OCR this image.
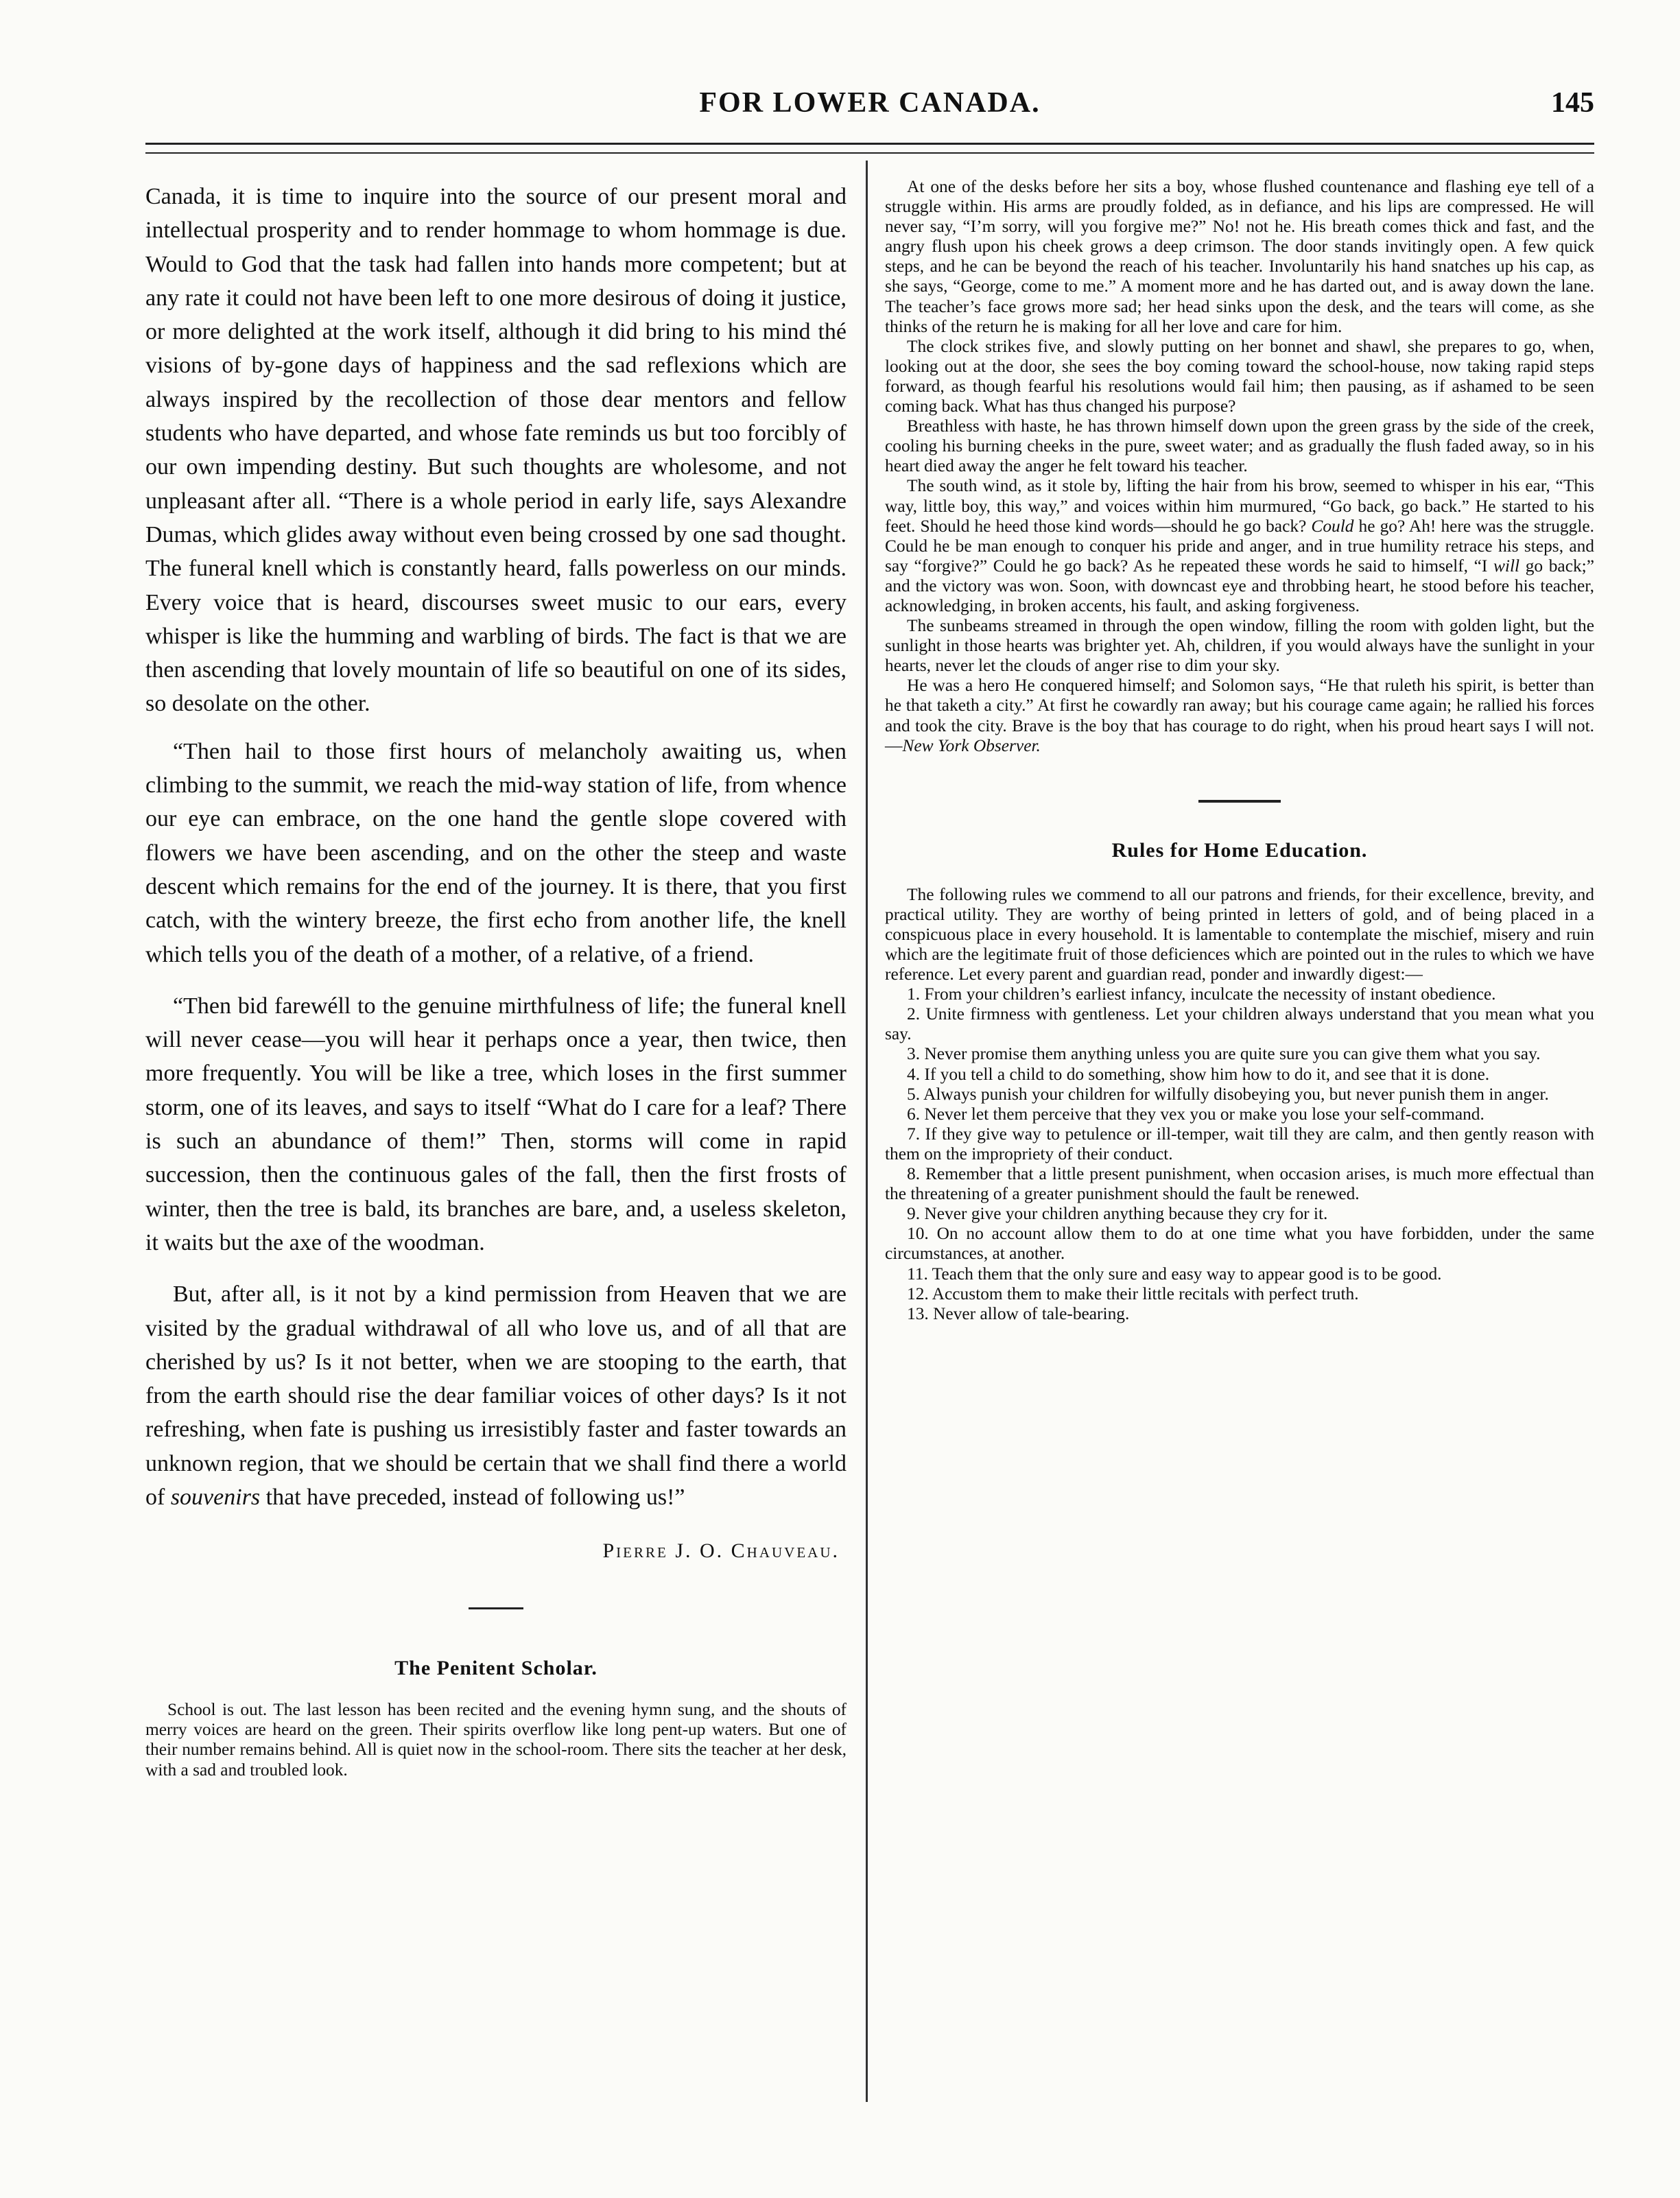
FOR LOWER CANADA.	145

Canada, it is time to inquire into the source of our present moral and intellectual prosperity and to render hommage to whom hommage is due. Would to God that the task had fallen into hands more competent; but at any rate it could not have been left to one more desirous of doing it justice, or more delighted at the work itself, although it did bring to his mind thé visions of by-gone days of happiness and the sad reflexions which are always inspired by the recollection of those dear mentors and fellow students who have departed, and whose fate reminds us but too forcibly of our own impending destiny. But such thoughts are wholesome, and not unpleasant after all. “There is a whole period in early life, says Alexandre Dumas, which glides away without even being crossed by one sad thought. The funeral knell which is constantly heard, falls powerless on our minds. Every voice that is heard, discourses sweet music to our ears, every whisper is like the humming and warbling of birds. The fact is that we are then ascending that lovely mountain of life so beautiful on one of its sides, so desolate on the other.

“Then hail to those first hours of melancholy awaiting us, when climbing to the summit, we reach the mid-way station of life, from whence our eye can embrace, on the one hand the gentle slope covered with flowers we have been ascending, and on the other the steep and waste descent which remains for the end of the journey. It is there, that you first catch, with the wintery breeze, the first echo from another life, the knell which tells you of the death of a mother, of a relative, of a friend.

“Then bid farewéll to the genuine mirthfulness of life; the funeral knell will never cease—you will hear it perhaps once a year, then twice, then more frequently. You will be like a tree, which loses in the first summer storm, one of its leaves, and says to itself “What do I care for a leaf? There is such an abundance of them!” Then, storms will come in rapid succession, then the continuous gales of the fall, then the first frosts of winter, then the tree is bald, its branches are bare, and, a useless skeleton, it waits but the axe of the woodman.

But, after all, is it not by a kind permission from Heaven that we are visited by the gradual withdrawal of all who love us, and of all that are cherished by us? Is it not better, when we are stooping to the earth, that from the earth should rise the dear familiar voices of other days? Is it not refreshing, when fate is pushing us irresistibly faster and faster towards an unknown region, that we should be certain that we shall find there a world of souvenirs that have preceded, instead of following us!”

Pierre J. O. Chauveau.
The Penitent Scholar.

School is out. The last lesson has been recited and the evening hymn sung, and the shouts of merry voices are heard on the green. Their spirits overflow like long pent-up waters. But one of their number remains behind. All is quiet now in the school-room. There sits the teacher at her desk, with a sad and troubled look.

At one of the desks before her sits a boy, whose flushed countenance and flashing eye tell of a struggle within. His arms are proudly folded, as in defiance, and his lips are compressed. He will never say, “I’m sorry, will you forgive me?” No! not he. His breath comes thick and fast, and the angry flush upon his cheek grows a deep crimson. The door stands invitingly open. A few quick steps, and he can be beyond the reach of his teacher. Involuntarily his hand snatches up his cap, as she says, “George, come to me.” A moment more and he has darted out, and is away down the lane. The teacher’s face grows more sad; her head sinks upon the desk, and the tears will come, as she thinks of the return he is making for all her love and care for him.

The clock strikes five, and slowly putting on her bonnet and shawl, she prepares to go, when, looking out at the door, she sees the boy coming toward the school-house, now taking rapid steps forward, as though fearful his resolutions would fail him; then pausing, as if ashamed to be seen coming back. What has thus changed his purpose?

Breathless with haste, he has thrown himself down upon the green grass by the side of the creek, cooling his burning cheeks in the pure, sweet water; and as gradually the flush faded away, so in his heart died away the anger he felt toward his teacher.

The south wind, as it stole by, lifting the hair from his brow, seemed to whisper in his ear, “This way, little boy, this way,” and voices within him murmured, “Go back, go back.” He started to his feet. Should he heed those kind words—should he go back? Could he go? Ah! here was the struggle. Could he be man enough to conquer his pride and anger, and in true humility retrace his steps, and say “forgive?” Could he go back? As he repeated these words he said to himself, “I will go back;” and the victory was won. Soon, with downcast eye and throbbing heart, he stood before his teacher, acknowledging, in broken accents, his fault, and asking forgiveness.

The sunbeams streamed in through the open window, filling the room with golden light, but the sunlight in those hearts was brighter yet. Ah, children, if you would always have the sunlight in your hearts, never let the clouds of anger rise to dim your sky.

He was a hero He conquered himself; and Solomon says, “He that ruleth his spirit, is better than he that taketh a city.” At first he cowardly ran away; but his courage came again; he rallied his forces and took the city. Brave is the boy that has courage to do right, when his proud heart says I will not.—New York Observer.

Rules for Home Education.

The following rules we commend to all our patrons and friends, for their excellence, brevity, and practical utility. They are worthy of being printed in letters of gold, and of being placed in a conspicuous place in every household. It is lamentable to contemplate the mischief, misery and ruin which are the legitimate fruit of those deficiences which are pointed out in the rules to which we have reference. Let every parent and guardian read, ponder and inwardly digest:—

1. From your children’s earliest infancy, inculcate the necessity of instant obedience.

2. Unite firmness with gentleness. Let your children always understand that you mean what you say.

3. Never promise them anything unless you are quite sure you can give them what you say.

4. If you tell a child to do something, show him how to do it, and see that it is done.

5. Always punish your children for wilfully disobeying you, but never punish them in anger.

6. Never let them perceive that they vex you or make you lose your self-command.

7. If they give way to petulence or ill-temper, wait till they are calm, and then gently reason with them on the impropriety of their conduct.

8. Remember that a little present punishment, when occasion arises, is much more effectual than the threatening of a greater punishment should the fault be renewed.

9. Never give your children anything because they cry for it.

10. On no account allow them to do at one time what you have forbidden, under the same circumstances, at another.

11. Teach them that the only sure and easy way to appear good is to be good.

12. Accustom them to make their little recitals with perfect truth.

13. Never allow of tale-bearing.
